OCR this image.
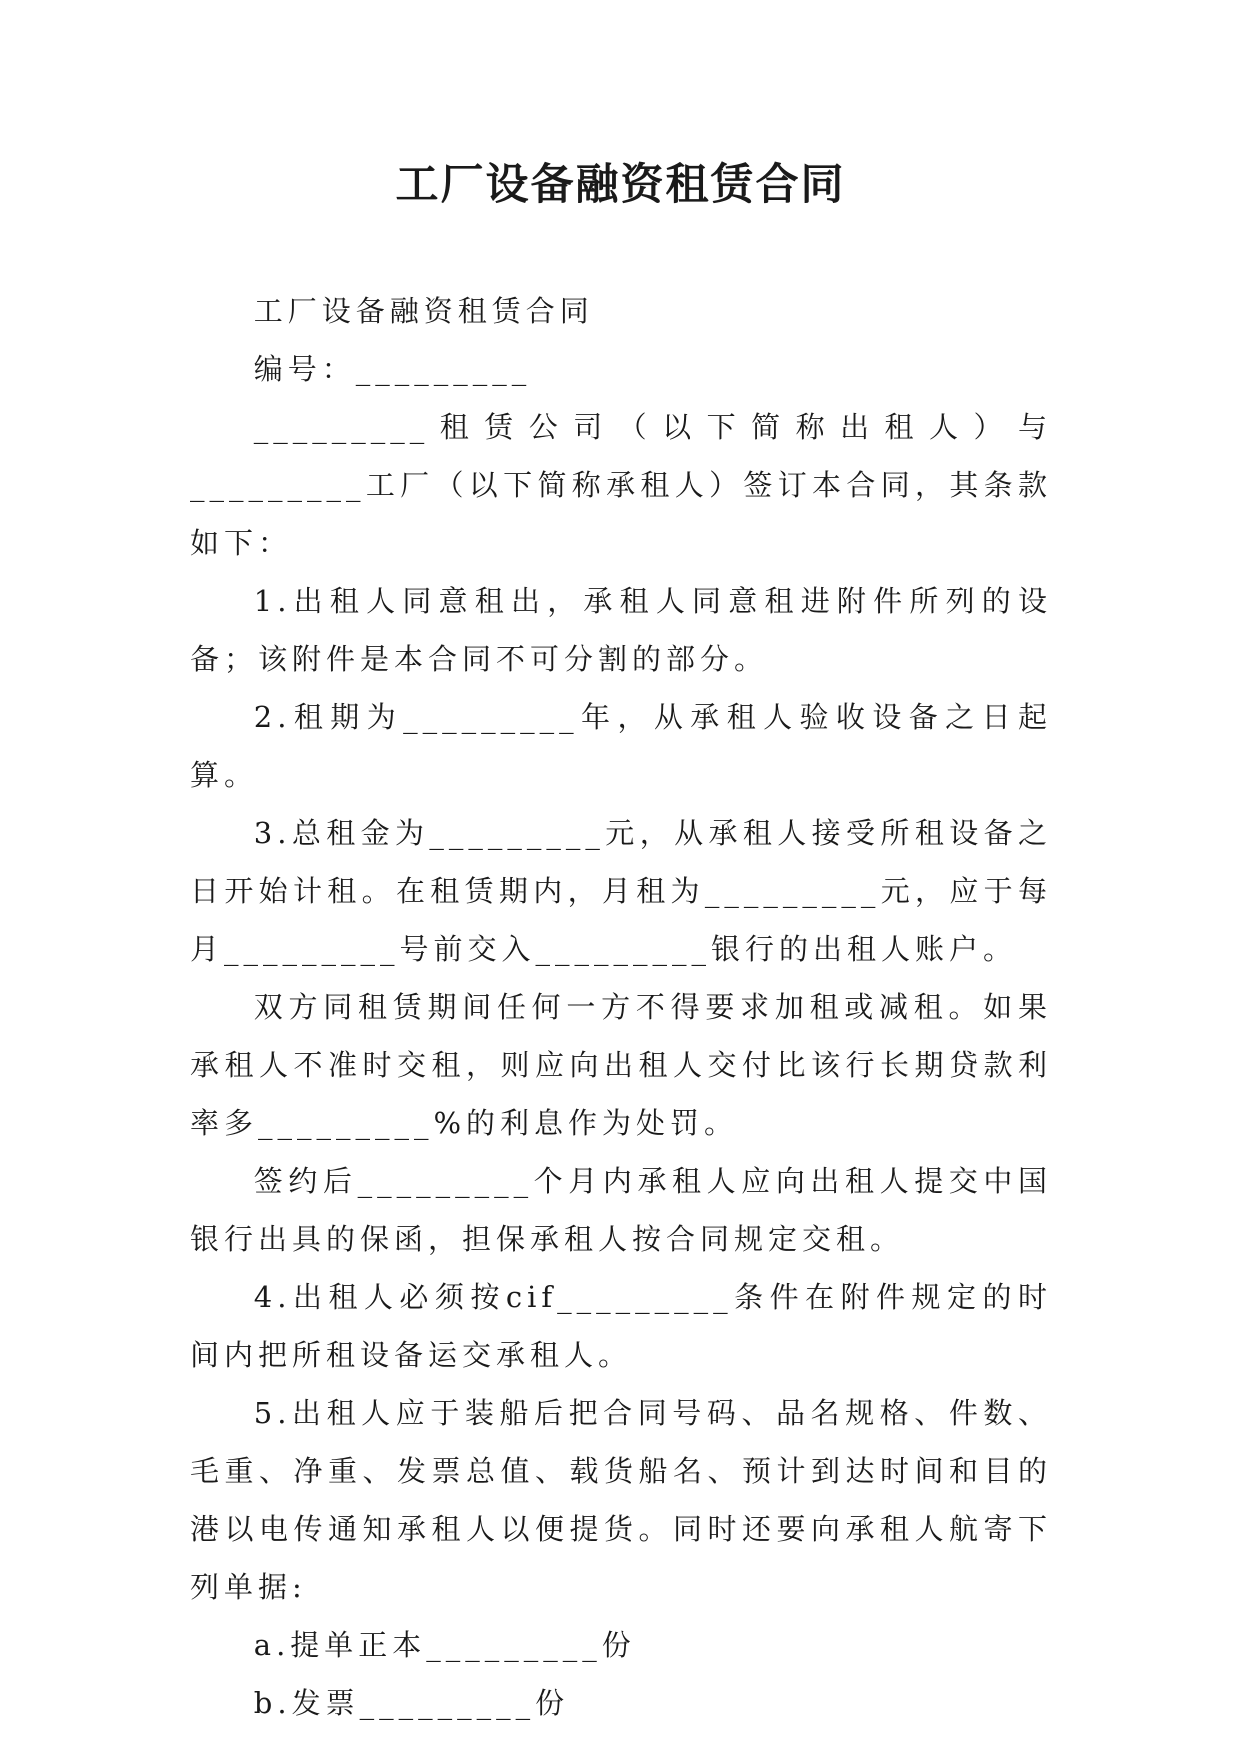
工厂设备融资租赁合同

工厂设备融资租赁合同

编号：_________

_________租赁公司（以下简称出租人）与_________工厂（以下简称承租人）签订本合同，其条款如下：

1.出租人同意租出，承租人同意租进附件所列的设备；该附件是本合同不可分割的部分。

2.租期为_________年，从承租人验收设备之日起算。

3.总租金为_________元，从承租人接受所租设备之日开始计租。在租赁期内，月租为_________元，应于每月_________号前交入_________银行的出租人账户。

双方同租赁期间任何一方不得要求加租或减租。如果承租人不准时交租，则应向出租人交付比该行长期贷款利率多_________%的利息作为处罚。

签约后_________个月内承租人应向出租人提交中国银行出具的保函，担保承租人按合同规定交租。

4.出租人必须按cif_________条件在附件规定的时间内把所租设备运交承租人。

5.出租人应于装船后把合同号码、品名规格、件数、毛重、净重、发票总值、载货船名、预计到达时间和目的港以电传通知承租人以便提货。同时还要向承租人航寄下列单据:

a.提单正本_________份

b.发票_________份
